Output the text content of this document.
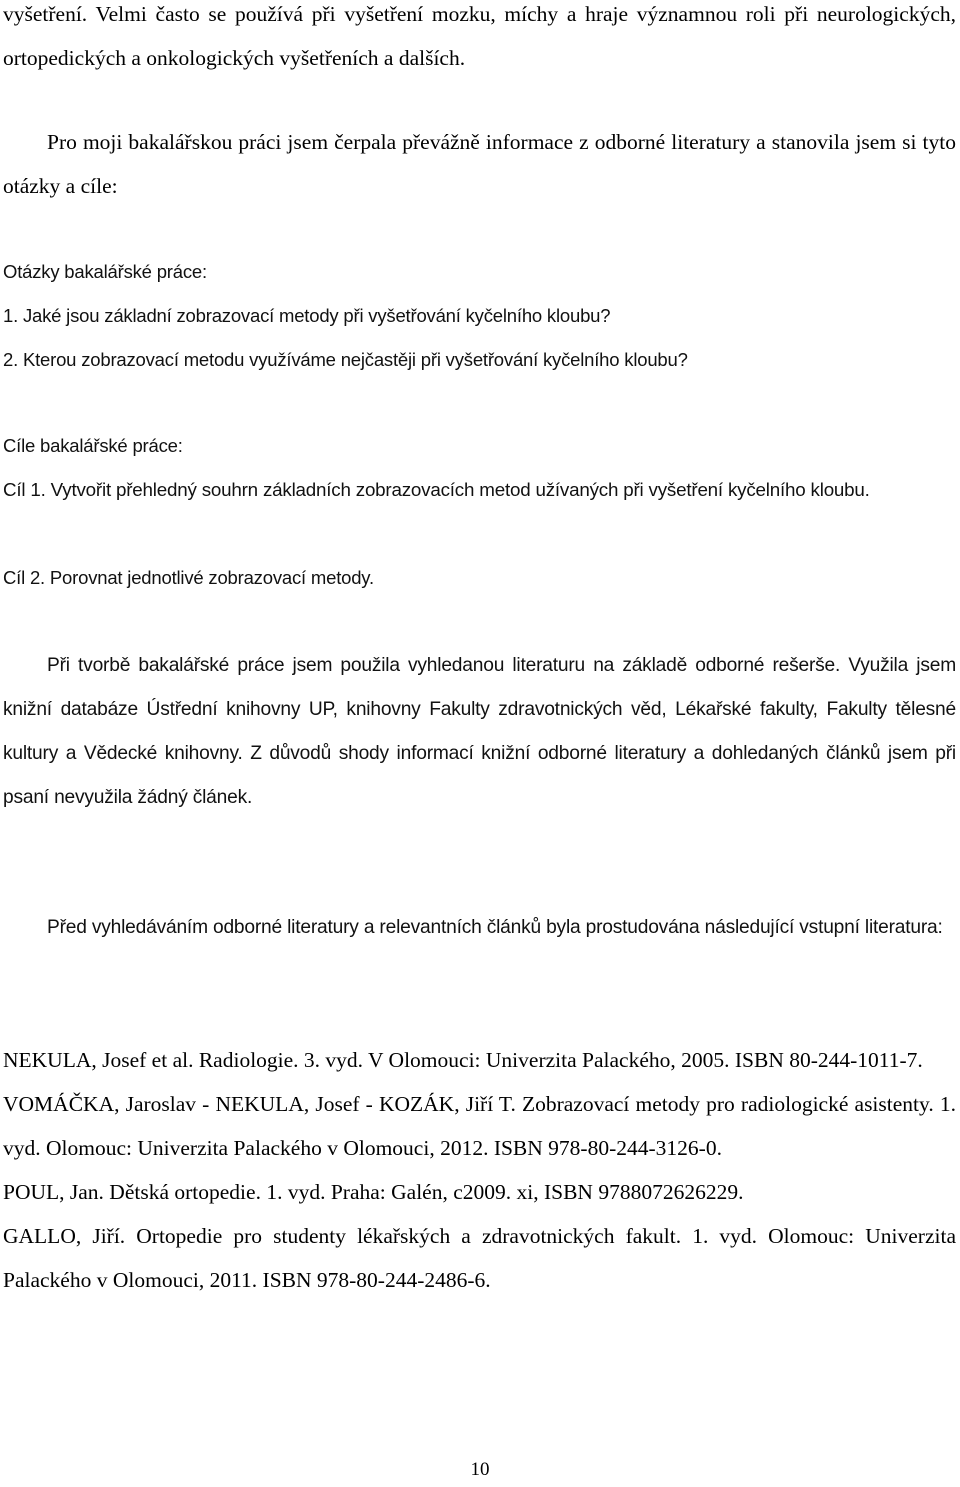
vyšetření. Velmi často se používá při vyšetření mozku, míchy a hraje významnou roli při neurologických, ortopedických a onkologických vyšetřeních a dalších.

Pro moji bakalářskou práci jsem čerpala převážně informace z odborné literatury a stanovila jsem si tyto otázky a cíle:

Otázky bakalářské práce:

1. Jaké jsou základní zobrazovací metody při vyšetřování kyčelního kloubu?

2. Kterou zobrazovací metodu využíváme nejčastěji při vyšetřování kyčelního kloubu?

Cíle bakalářské práce:

Cíl 1. Vytvořit přehledný souhrn základních zobrazovacích metod užívaných při vyšetření kyčelního kloubu.

Cíl 2. Porovnat jednotlivé zobrazovací metody.

Při tvorbě bakalářské práce jsem použila vyhledanou literaturu na základě odborné rešerše. Využila jsem knižní databáze Ústřední knihovny UP, knihovny Fakulty zdravotnických věd, Lékařské fakulty, Fakulty tělesné kultury a Vědecké knihovny. Z důvodů shody informací knižní odborné literatury a dohledaných článků jsem při psaní nevyužila žádný článek.

Před vyhledáváním odborné literatury a relevantních článků byla prostudována následující vstupní literatura:

NEKULA, Josef et al. Radiologie. 3. vyd. V Olomouci: Univerzita Palackého, 2005. ISBN 80-244-1011-7.

VOMÁČKA, Jaroslav - NEKULA, Josef - KOZÁK, Jiří T. Zobrazovací metody pro radiologické asistenty. 1. vyd. Olomouc: Univerzita Palackého v Olomouci, 2012. ISBN 978-80-244-3126-0.

POUL, Jan. Dětská ortopedie. 1. vyd. Praha: Galén, c2009. xi, ISBN 9788072626229.

GALLO, Jiří. Ortopedie pro studenty lékařských a zdravotnických fakult. 1. vyd. Olomouc: Univerzita Palackého v Olomouci, 2011. ISBN 978-80-244-2486-6.

10
